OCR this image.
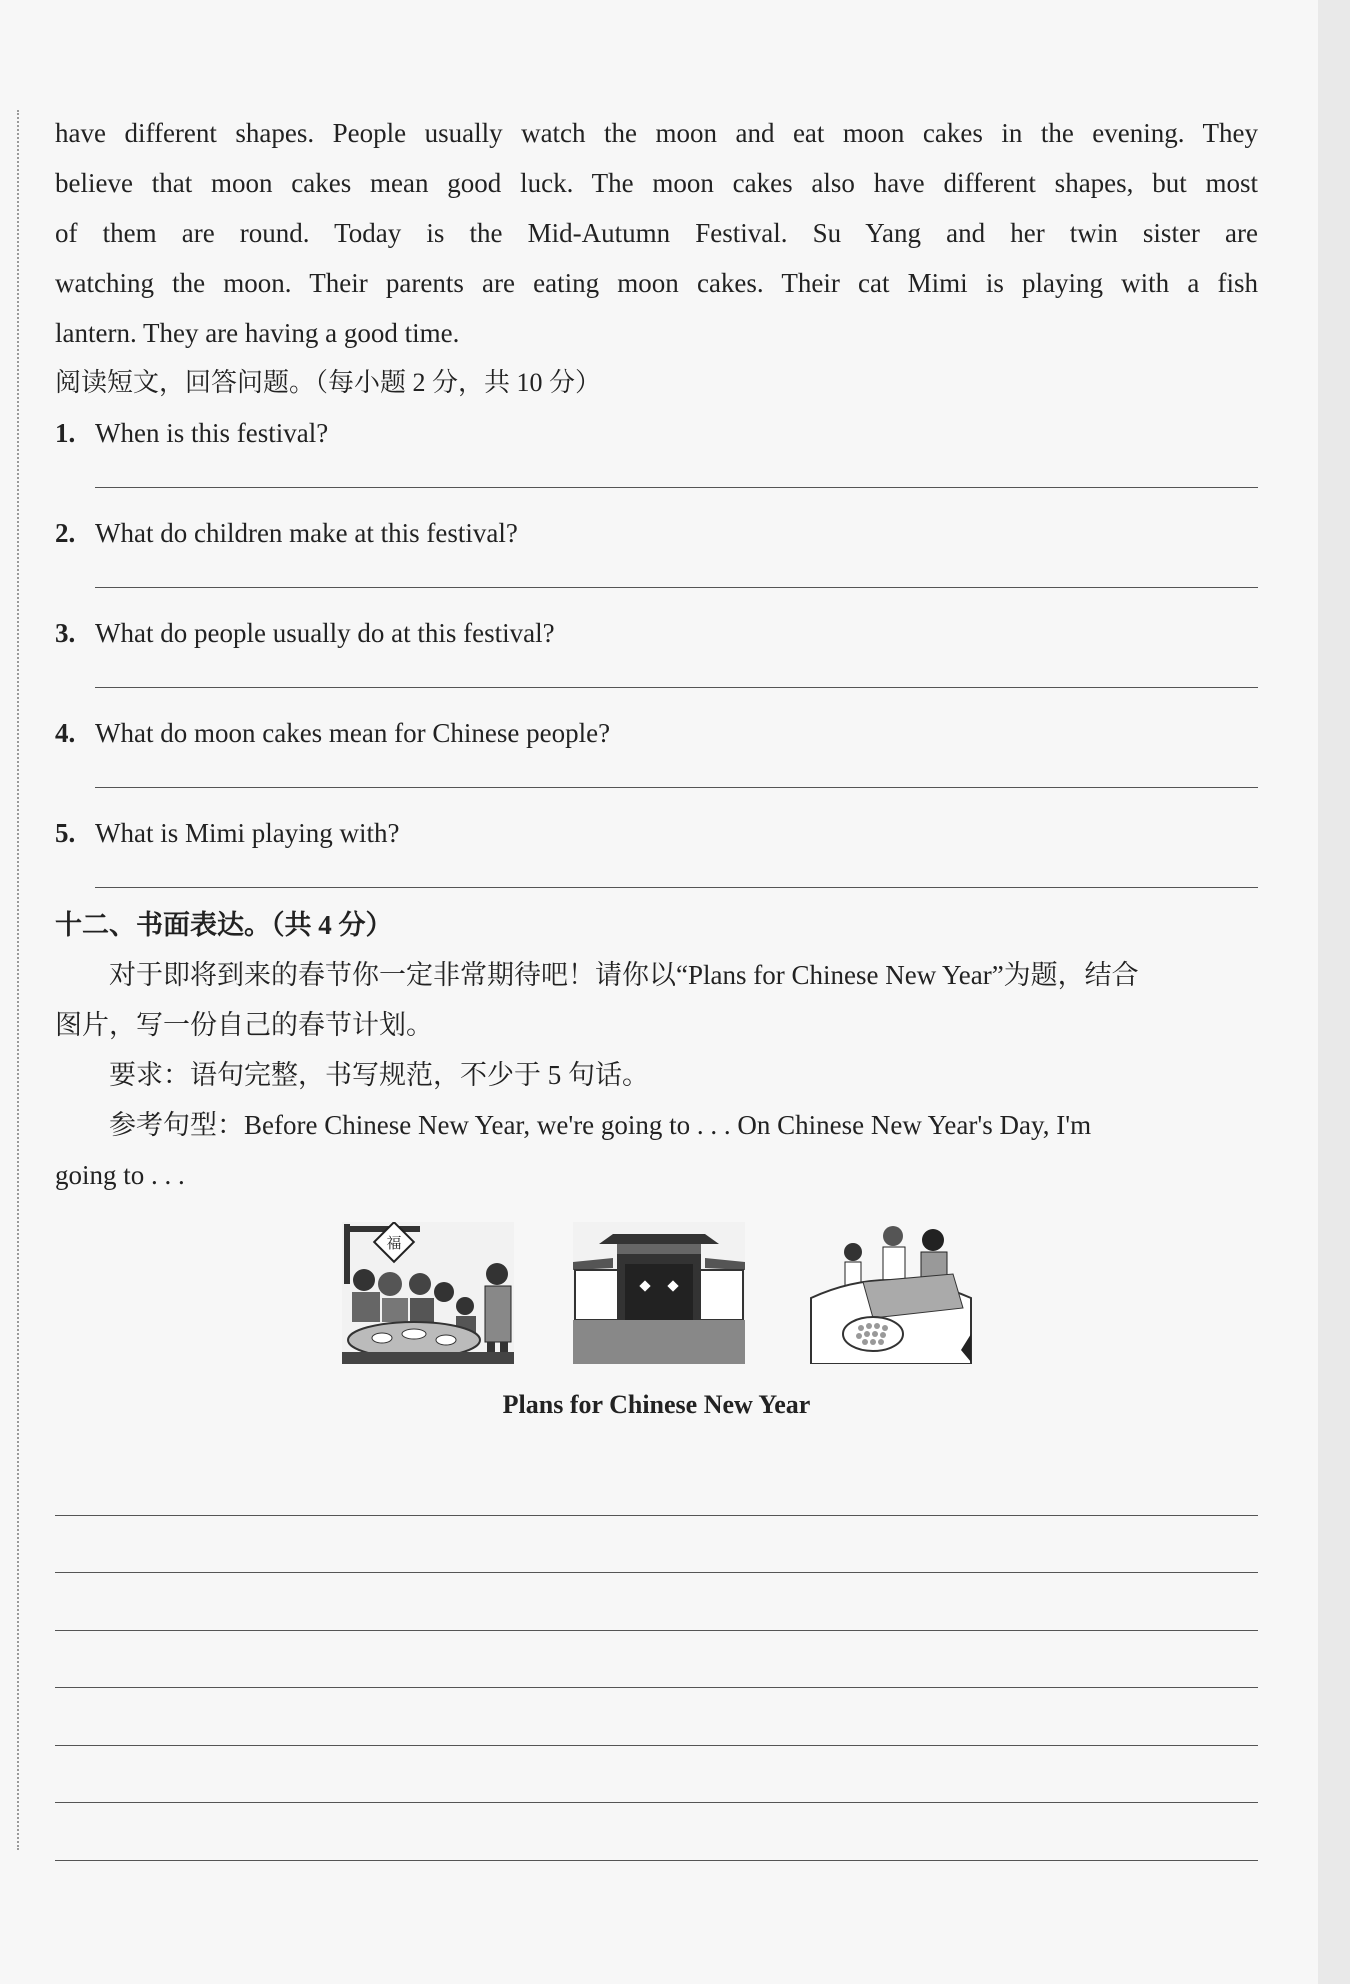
have different shapes. People usually watch the moon and eat moon cakes in the evening. They

believe that moon cakes mean good luck. The moon cakes also have different shapes, but most

of them are round. Today is the Mid-Autumn Festival. Su Yang and her twin sister are

watching the moon. Their parents are eating moon cakes. Their cat Mimi is playing with a fish

lantern. They are having a good time.

阅读短文，回答问题。（每小题 2 分，共 10 分）

1. When is this festival?
2. What do children make at this festival?
3. What do people usually do at this festival?
4. What do moon cakes mean for Chinese people?
5. What is Mimi playing with?
十二、书面表达。（共 4 分）

对于即将到来的春节你一定非常期待吧！请你以“Plans for Chinese New Year”为题，结合

图片，写一份自己的春节计划。

要求：语句完整，书写规范，不少于 5 句话。

参考句型：Before Chinese New Year, we're going to . . . On Chinese New Year's Day, I'm

going to . . .

福
Plans for Chinese New Year
